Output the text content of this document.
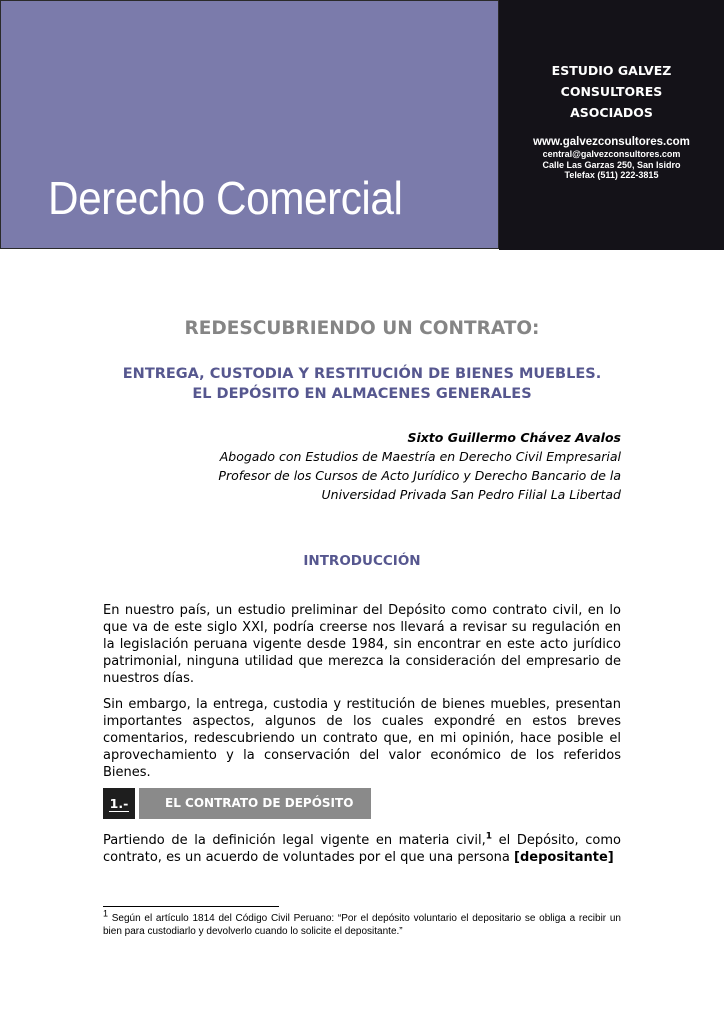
Derecho Comercial
ESTUDIO GALVEZ
CONSULTORES
ASOCIADOS
www.galvezconsultores.com
central@galvezconsultores.com
Calle Las Garzas 250, San Isidro
Telefax (511) 222-3815
REDESCUBRIENDO UN CONTRATO:
ENTREGA, CUSTODIA Y RESTITUCIÓN DE BIENES MUEBLES.
EL DEPÓSITO EN ALMACENES GENERALES
Sixto Guillermo Chávez Avalos
Abogado con Estudios de Maestría en Derecho Civil Empresarial
Profesor de los Cursos de Acto Jurídico y Derecho Bancario de la
Universidad Privada San Pedro Filial La Libertad
INTRODUCCIÓN

En nuestro país, un estudio preliminar del Depósito como contrato civil, en lo que va de este siglo XXI, podría creerse nos llevará a revisar su regulación en la legislación peruana vigente desde 1984, sin encontrar en este acto jurídico patrimonial, ninguna utilidad que merezca la consideración del empresario de nuestros días.

Sin embargo, la entrega, custodia y restitución de bienes muebles, presentan importantes aspectos, algunos de los cuales expondré en estos breves comentarios, redescubriendo un contrato que, en mi opinión, hace posible el aprovechamiento y la conservación del valor económico de los referidos Bienes.

1.-	EL CONTRATO DE DEPÓSITO

Partiendo de la definición legal vigente en materia civil,$^1$ el Depósito, como contrato, es un acuerdo de voluntades por el que una persona [depositante]

$^1$ Según el artículo 1814 del Código Civil Peruano: “Por el depósito voluntario el depositario se obliga a recibir un bien para custodiarlo y devolverlo cuando lo solicite el depositante.”
